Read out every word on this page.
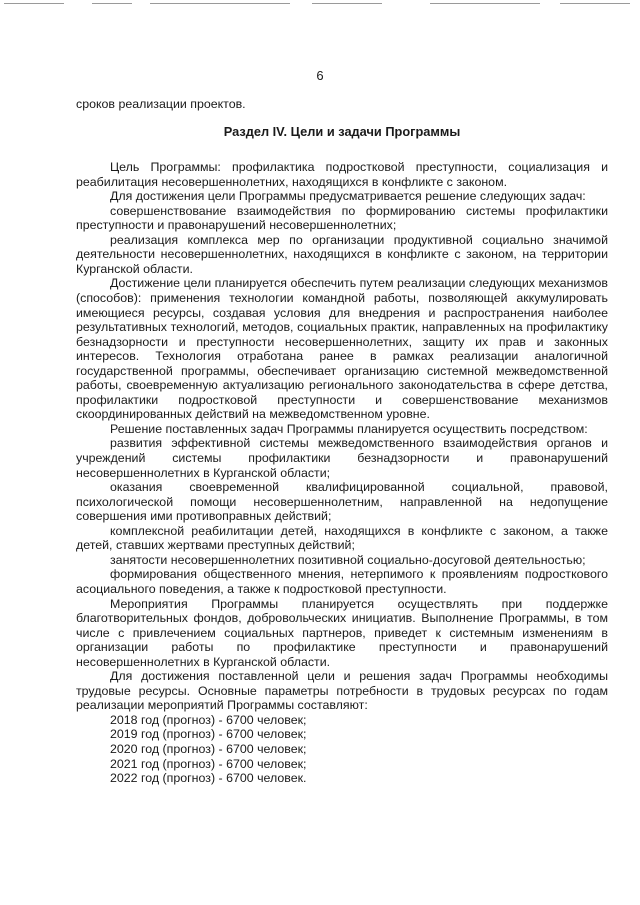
6

сроков реализации проектов.

Раздел IV. Цели и задачи Программы

Цель Программы: профилактика подростковой преступности, социализация и реабилитация несовершеннолетних, находящихся в конфликте с законом.

Для достижения цели Программы предусматривается решение следующих задач:

совершенствование взаимодействия по формированию системы профилактики преступности и правонарушений несовершеннолетних;

реализация комплекса мер по организации продуктивной социально значимой деятельности несовершеннолетних, находящихся в конфликте с законом, на территории Курганской области.

Достижение цели планируется обеспечить путем реализации следующих механизмов (способов): применения технологии командной работы, позволяющей аккумулировать имеющиеся ресурсы, создавая условия для внедрения и распространения наиболее результативных технологий, методов, социальных практик, направленных на профилактику безнадзорности и преступности несовершеннолетних, защиту их прав и законных интересов. Технология отработана ранее в рамках реализации аналогичной государственной программы, обеспечивает организацию системной межведомственной работы, своевременную актуализацию регионального законодательства в сфере детства, профилактики подростковой преступности и совершенствование механизмов скоординированных действий на межведомственном уровне.

Решение поставленных задач Программы планируется осуществить посредством:

развития эффективной системы межведомственного взаимодействия органов и учреждений системы профилактики безнадзорности и правонарушений несовершеннолетних в Курганской области;

оказания своевременной квалифицированной социальной, правовой, психологической помощи несовершеннолетним, направленной на недопущение совершения ими противоправных действий;

комплексной реабилитации детей, находящихся в конфликте с законом, а также детей, ставших жертвами преступных действий;

занятости несовершеннолетних позитивной социально-досуговой деятельностью;

формирования общественного мнения, нетерпимого к проявлениям подросткового асоциального поведения, а также к подростковой преступности.

Мероприятия Программы планируется осуществлять при поддержке благотворительных фондов, добровольческих инициатив. Выполнение Программы, в том числе с привлечением социальных партнеров, приведет к системным изменениям в организации работы по профилактике преступности и правонарушений несовершеннолетних в Курганской области.

Для достижения поставленной цели и решения задач Программы необходимы трудовые ресурсы. Основные параметры потребности в трудовых ресурсах по годам реализации мероприятий Программы составляют:

2018 год (прогноз) - 6700 человек;

2019 год (прогноз) - 6700 человек;

2020 год (прогноз) - 6700 человек;

2021 год (прогноз) - 6700 человек;

2022 год (прогноз) - 6700 человек.
